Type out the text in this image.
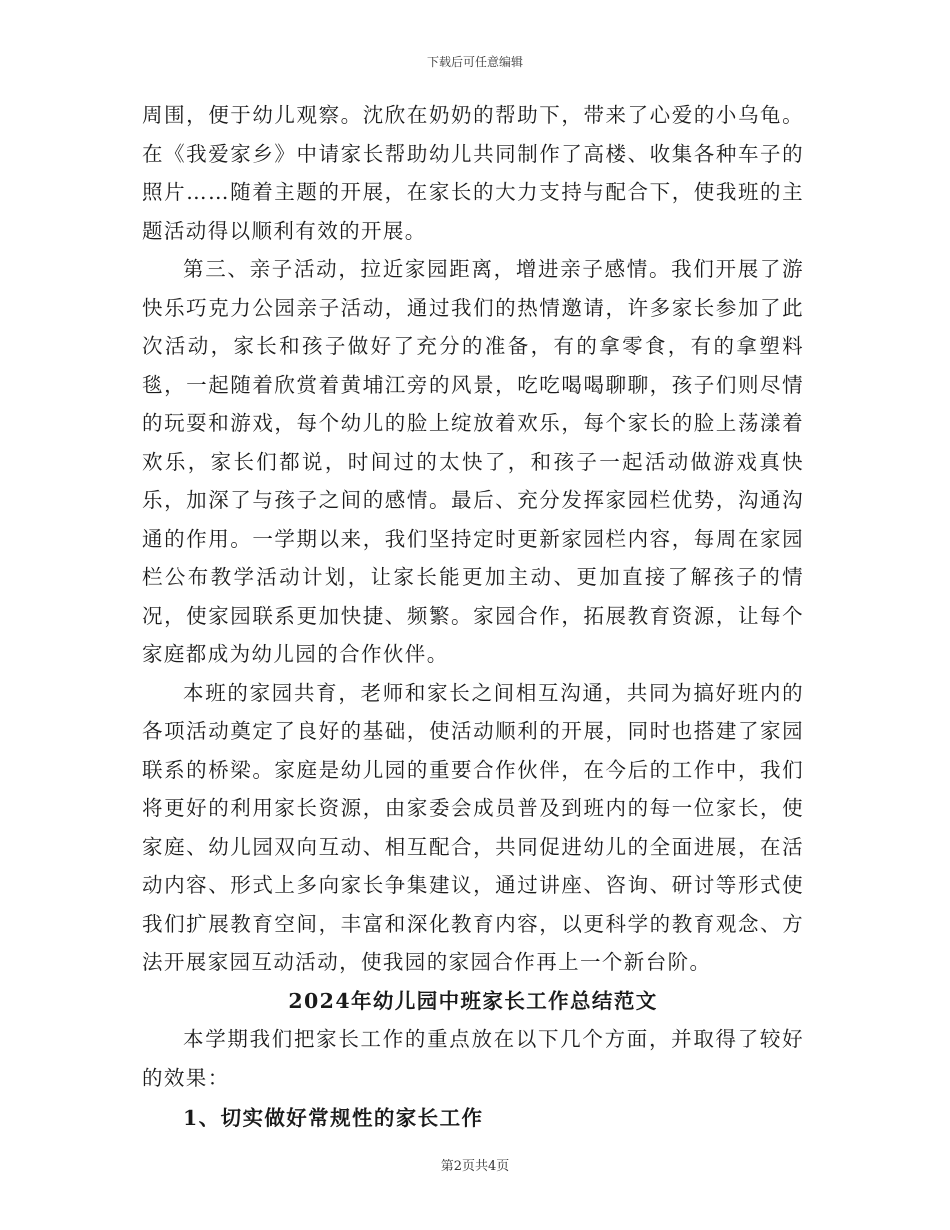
下载后可任意编辑

周围，便于幼儿观察。沈欣在奶奶的帮助下，带来了心爱的小乌龟。在《我爱家乡》中请家长帮助幼儿共同制作了高楼、收集各种车子的照片……随着主题的开展，在家长的大力支持与配合下，使我班的主题活动得以顺利有效的开展。

第三、亲子活动，拉近家园距离，增进亲子感情。我们开展了游快乐巧克力公园亲子活动，通过我们的热情邀请，许多家长参加了此次活动，家长和孩子做好了充分的准备，有的拿零食，有的拿塑料毯，一起随着欣赏着黄埔江旁的风景，吃吃喝喝聊聊，孩子们则尽情的玩耍和游戏，每个幼儿的脸上绽放着欢乐，每个家长的脸上荡漾着欢乐，家长们都说，时间过的太快了，和孩子一起活动做游戏真快乐，加深了与孩子之间的感情。最后、充分发挥家园栏优势，沟通沟通的作用。一学期以来，我们坚持定时更新家园栏内容，每周在家园栏公布教学活动计划，让家长能更加主动、更加直接了解孩子的情况，使家园联系更加快捷、频繁。家园合作，拓展教育资源，让每个家庭都成为幼儿园的合作伙伴。

本班的家园共育，老师和家长之间相互沟通，共同为搞好班内的各项活动奠定了良好的基础，使活动顺利的开展，同时也搭建了家园联系的桥梁。家庭是幼儿园的重要合作伙伴，在今后的工作中，我们将更好的利用家长资源，由家委会成员普及到班内的每一位家长，使家庭、幼儿园双向互动、相互配合，共同促进幼儿的全面进展，在活动内容、形式上多向家长争集建议，通过讲座、咨询、研讨等形式使我们扩展教育空间，丰富和深化教育内容，以更科学的教育观念、方法开展家园互动活动，使我园的家园合作再上一个新台阶。

2024年幼儿园中班家长工作总结范文

本学期我们把家长工作的重点放在以下几个方面，并取得了较好的效果：

1、切实做好常规性的家长工作

第2页共4页
